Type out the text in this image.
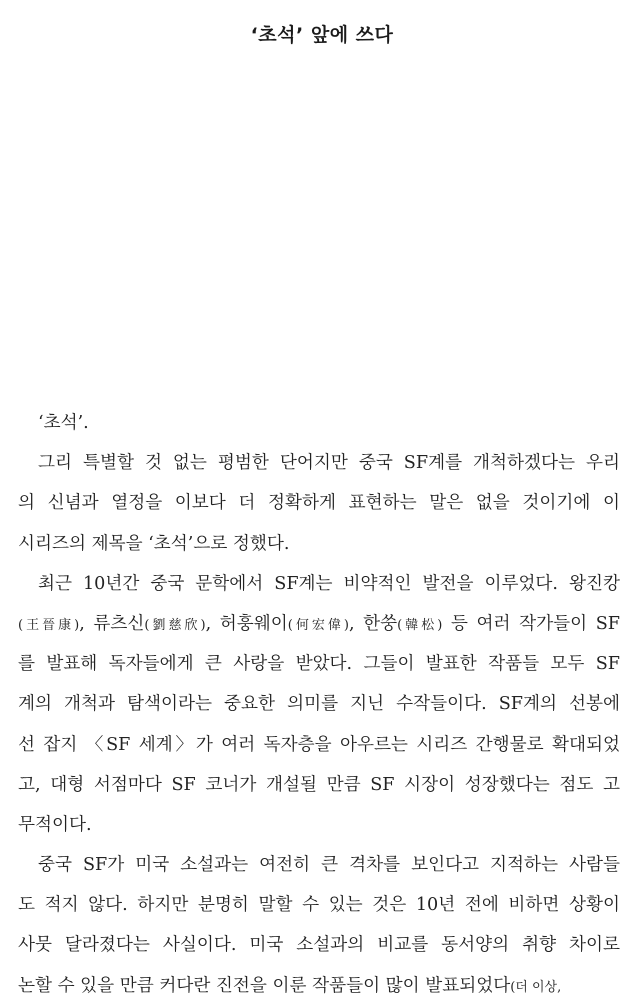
‘초석’ 앞에 쓰다
‘초석’.
그리 특별할 것 없는 평범한 단어지만 중국 SF계를 개척하겠다는 우리
의 신념과 열정을 이보다 더 정확하게 표현하는 말은 없을 것이기에 이
시리즈의 제목을 ‘초석’으로 정했다.
최근 10년간 중국 문학에서 SF계는 비약적인 발전을 이루었다. 왕진캉
(王晉康), 류츠신(劉慈欣), 허훙웨이(何宏偉), 한쑹(韓松) 등 여러 작가들이 SF
를 발표해 독자들에게 큰 사랑을 받았다. 그들이 발표한 작품들 모두 SF
계의 개척과 탐색이라는 중요한 의미를 지닌 수작들이다. SF계의 선봉에
선 잡지 〈SF 세계〉가 여러 독자층을 아우르는 시리즈 간행물로 확대되었
고, 대형 서점마다 SF 코너가 개설될 만큼 SF 시장이 성장했다는 점도 고
무적이다.
중국 SF가 미국 소설과는 여전히 큰 격차를 보인다고 지적하는 사람들
도 적지 않다. 하지만 분명히 말할 수 있는 것은 10년 전에 비하면 상황이
사뭇 달라졌다는 사실이다. 미국 소설과의 비교를 동서양의 취향 차이로
논할 수 있을 만큼 커다란 진전을 이룬 작품들이 많이 발표되었다(더 이상,
